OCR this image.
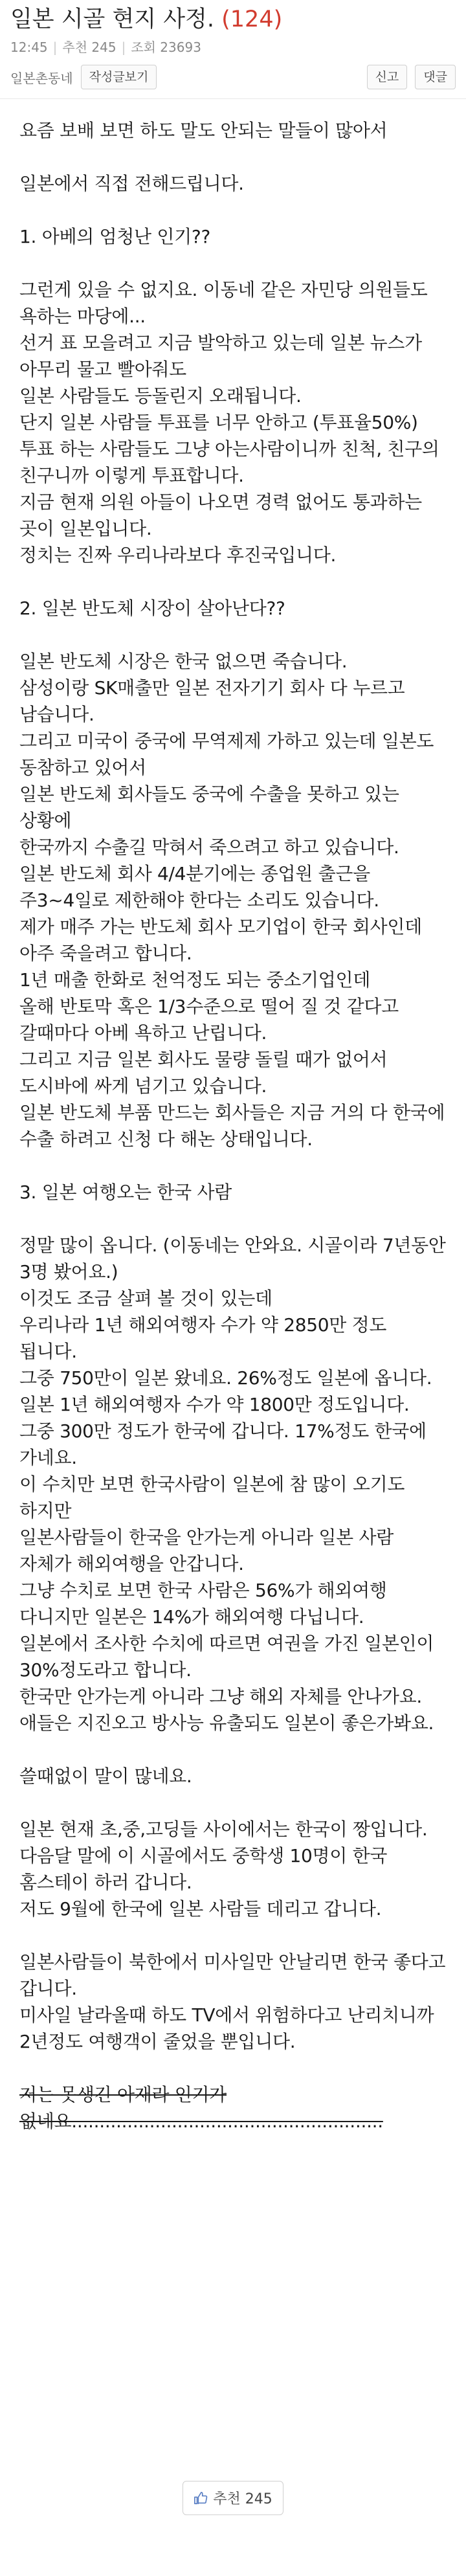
일본 시골 현지 사정. (124)
12:45 | 추천 245 | 조회 23693
일본촌동네	작성글보기	신고	댓글

요즘 보배 보면 하도 말도 안되는 말들이 많아서

일본에서 직접 전해드립니다.

1. 아베의 엄청난 인기??

그런게 있을 수 없지요. 이동네 같은 자민당 의원들도 욕하는 마당에...

선거 표 모을려고 지금 발악하고 있는데 일본 뉴스가 아무리 물고 빨아줘도

일본 사람들도 등돌린지 오래됩니다.

단지 일본 사람들 투표를 너무 안하고 (투표율50%) 투표 하는 사람들도 그냥 아는사람이니까 친척, 친구의 친구니까 이렇게 투표합니다.

지금 현재 의원 아들이 나오면 경력 없어도 통과하는 곳이 일본입니다.

정치는 진짜 우리나라보다 후진국입니다.

2. 일본 반도체 시장이 살아난다??

일본 반도체 시장은 한국 없으면 죽습니다.

삼성이랑 SK매출만 일본 전자기기 회사 다 누르고 남습니다.

그리고 미국이 중국에 무역제제 가하고 있는데 일본도 동참하고 있어서

일본 반도체 회사들도 중국에 수출을 못하고 있는 상황에

한국까지 수출길 막혀서 죽으려고 하고 있습니다.

일본 반도체 회사 4/4분기에는 종업원 출근을 주3~4일로 제한해야 한다는 소리도 있습니다.

제가 매주 가는 반도체 회사 모기업이 한국 회사인데 아주 죽을려고 합니다.

1년 매출 한화로 천억정도 되는 중소기업인데

올해 반토막 혹은 1/3수준으로 떨어 질 것 같다고

갈때마다 아베 욕하고 난립니다.

그리고 지금 일본 회사도 물량 돌릴 때가 없어서 도시바에 싸게 넘기고 있습니다.

일본 반도체 부품 만드는 회사들은 지금 거의 다 한국에 수출 하려고 신청 다 해논 상태입니다.

3. 일본 여행오는 한국 사람

정말 많이 옵니다. (이동네는 안와요. 시골이라 7년동안 3명 봤어요.)

이것도 조금 살펴 볼 것이 있는데

우리나라 1년 해외여행자 수가 약 2850만 정도 됩니다.

그중 750만이 일본 왔네요. 26%정도 일본에 옵니다.

일본 1년 해외여행자 수가 약 1800만 정도입니다.

그중 300만 정도가 한국에 갑니다. 17%정도 한국에 가네요.

이 수치만 보면 한국사람이 일본에 참 많이 오기도 하지만

일본사람들이 한국을 안가는게 아니라 일본 사람 자체가 해외여행을 안갑니다.

그냥 수치로 보면 한국 사람은 56%가 해외여행 다니지만 일본은 14%가 해외여행 다닙니다.

일본에서 조사한 수치에 따르면 여권을 가진 일본인이 30%정도라고 합니다.

한국만 안가는게 아니라 그냥 해외 자체를 안나가요. 애들은 지진오고 방사능 유출되도 일본이 좋은가봐요.

쓸때없이 말이 많네요.

일본 현재 초,중,고딩들 사이에서는 한국이 짱입니다. 다음달 말에 이 시골에서도 중학생 10명이 한국 홈스테이 하러 갑니다.

저도 9월에 한국에 일본 사람들 데리고 갑니다.

일본사람들이 북한에서 미사일만 안날리면 한국 좋다고 갑니다.

미사일 날라올때 하도 TV에서 위험하다고 난리치니까 2년정도 여행객이 줄었을 뿐입니다.

저는 못생긴 아재라 인기가 없네요........................................................

추천 245
